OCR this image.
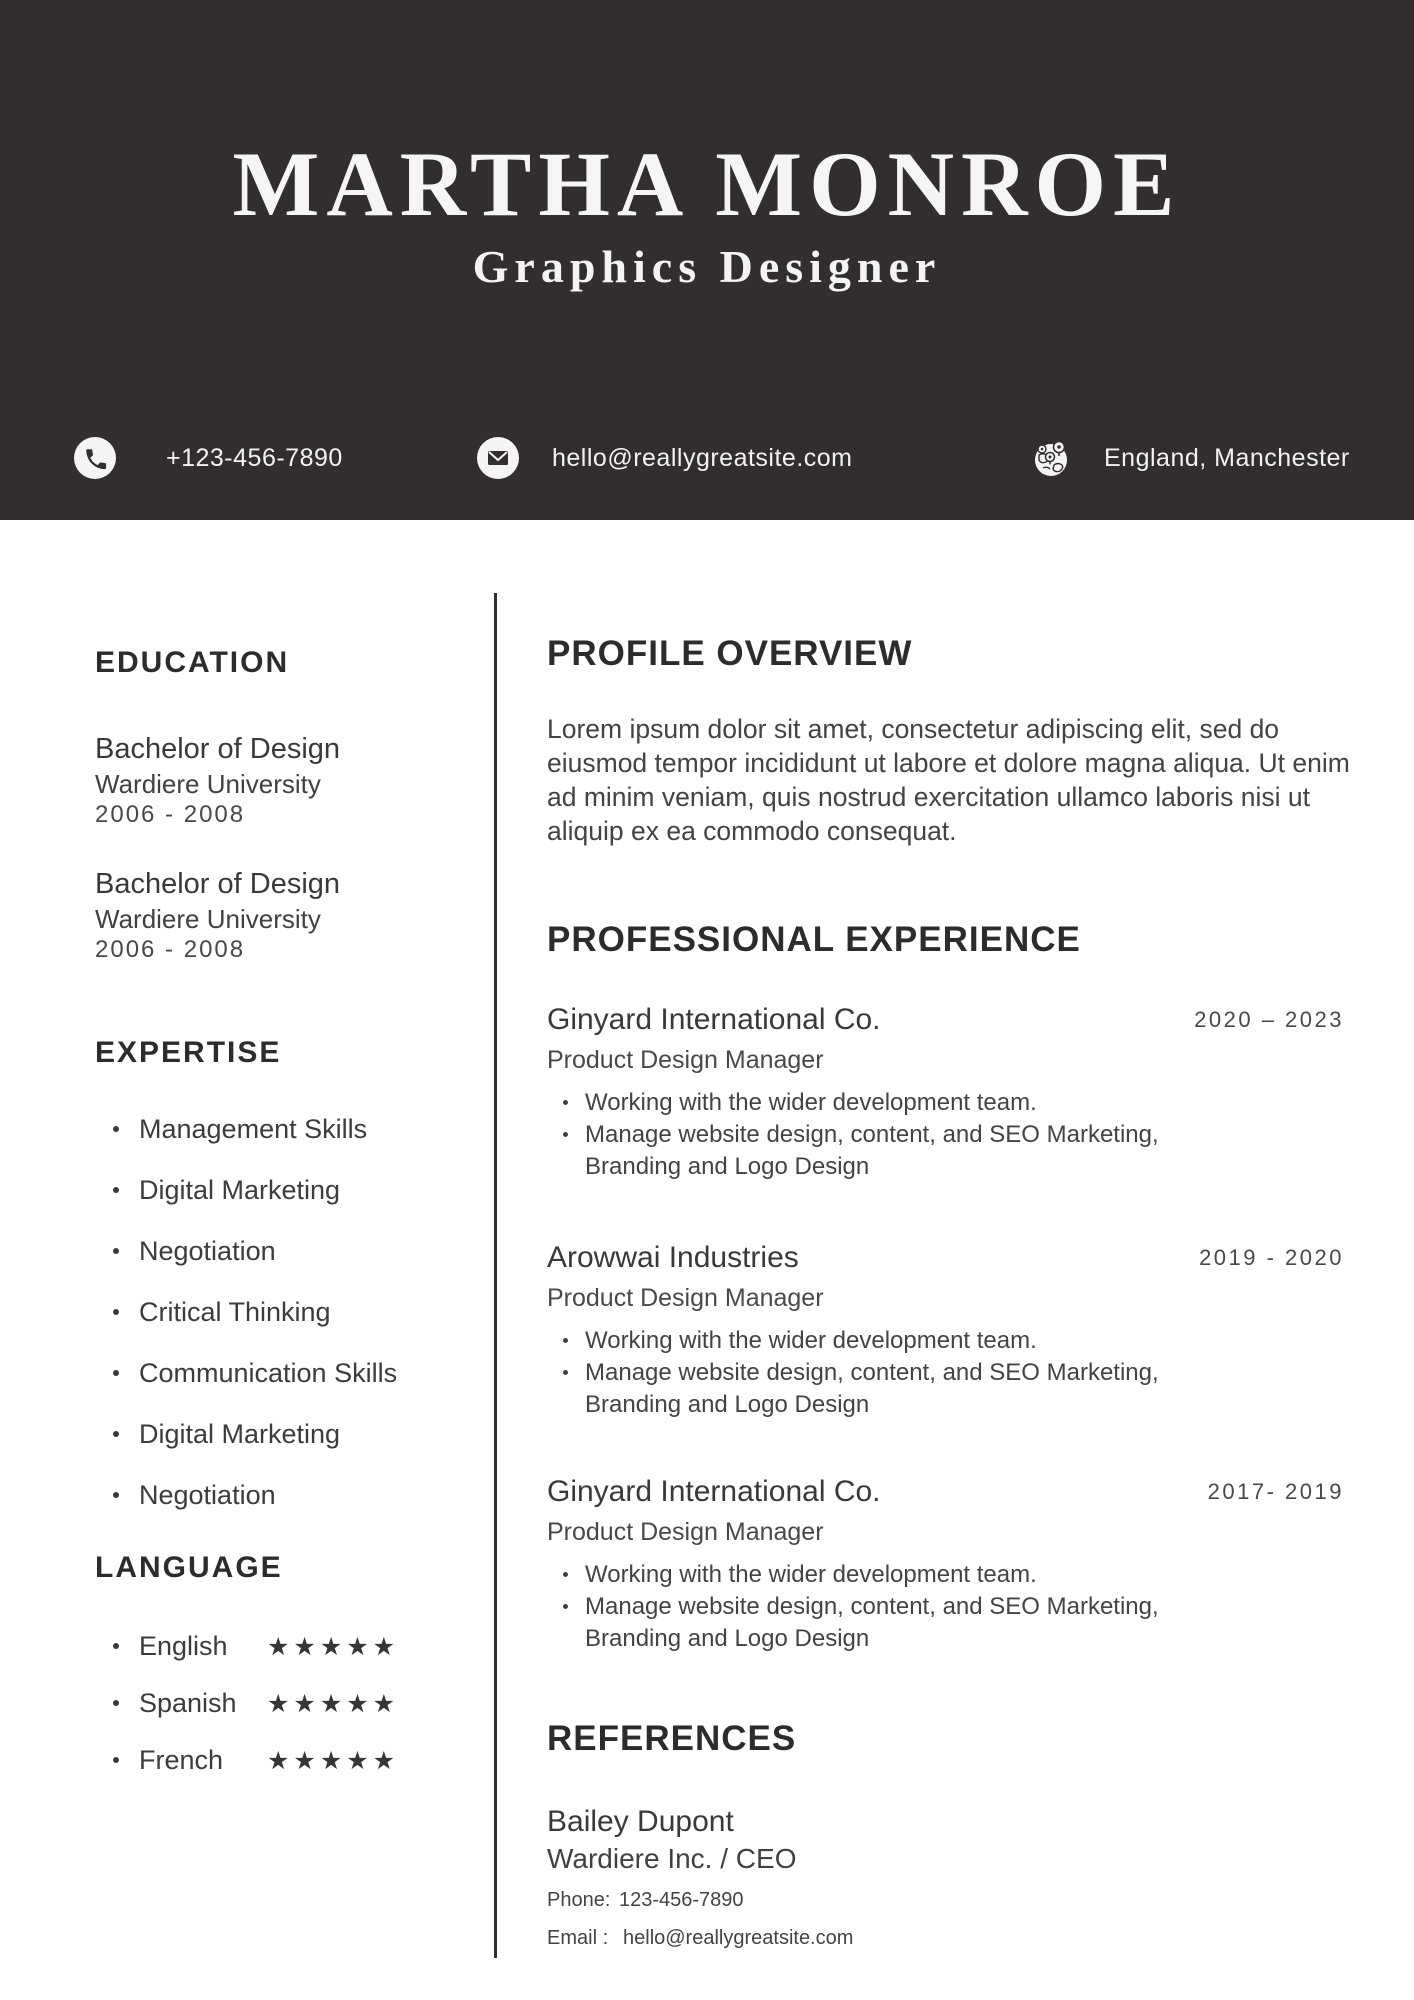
MARTHA MONROE
Graphics Designer
+123-456-7890	hello@reallygreatsite.com	England, Manchester
EDUCATION
Bachelor of Design
Wardiere University
2006 - 2008
Bachelor of Design
Wardiere University
2006 - 2008
EXPERTISE
Management Skills
Digital Marketing
Negotiation
Critical Thinking
Communication Skills
Digital Marketing
Negotiation
LANGUAGE
English	★★★★★
Spanish	★★★★★
French	★★★★★
PROFILE OVERVIEW

Lorem ipsum dolor sit amet, consectetur adipiscing elit, sed do eiusmod tempor incididunt ut labore et dolore magna aliqua. Ut enim ad minim veniam, quis nostrud exercitation ullamco laboris nisi ut aliquip ex ea commodo consequat.

PROFESSIONAL EXPERIENCE
Ginyard International Co.	2020 – 2023
Product Design Manager
Working with the wider development team.
Manage website design, content, and SEO Marketing, Branding and Logo Design
Arowwai Industries	2019 - 2020
Product Design Manager
Working with the wider development team.
Manage website design, content, and SEO Marketing, Branding and Logo Design
Ginyard International Co.	2017- 2019
Product Design Manager
Working with the wider development team.
Manage website design, content, and SEO Marketing, Branding and Logo Design
REFERENCES
Bailey Dupont
Wardiere Inc. / CEO
Phone: 123-456-7890
Email : hello@reallygreatsite.com
